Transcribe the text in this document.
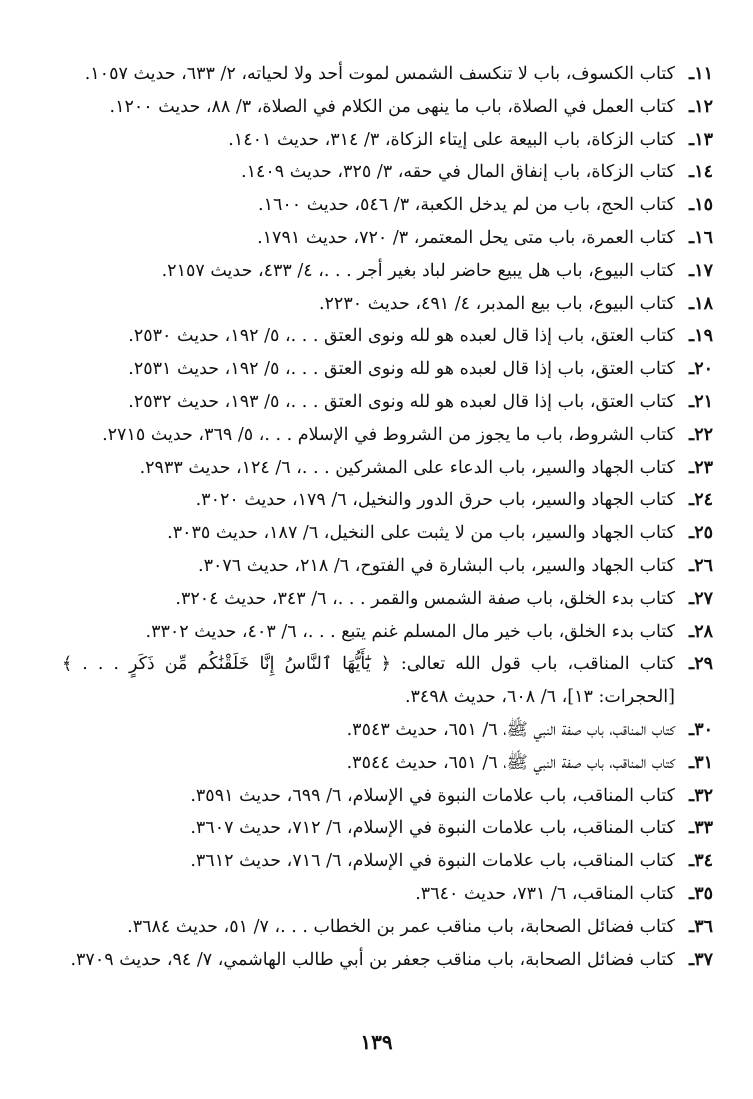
١١ـ
كتاب الكسوف، باب لا تنكسف الشمس لموت أحد ولا لحياته، ٢/ ٦٣٣، حديث ١٠٥٧.
١٢ـ
كتاب العمل في الصلاة، باب ما ينهى من الكلام في الصلاة، ٣/ ٨٨، حديث ١٢٠٠.
١٣ـ
كتاب الزكاة، باب البيعة على إيتاء الزكاة، ٣/ ٣١٤، حديث ١٤٠١.
١٤ـ
كتاب الزكاة، باب إنفاق المال في حقه، ٣/ ٣٢٥، حديث ١٤٠٩.
١٥ـ
كتاب الحج، باب من لم يدخل الكعبة، ٣/ ٥٤٦، حديث ١٦٠٠.
١٦ـ
كتاب العمرة، باب متى يحل المعتمر، ٣/ ٧٢٠، حديث ١٧٩١.
١٧ـ
كتاب البيوع، باب هل يبيع حاضر لباد بغير أجر . . .، ٤/ ٤٣٣، حديث ٢١٥٧.
١٨ـ
كتاب البيوع، باب بيع المدبر، ٤/ ٤٩١، حديث ٢٢٣٠.
١٩ـ
كتاب العتق، باب إذا قال لعبده هو لله ونوى العتق . . .، ٥/ ١٩٢، حديث ٢٥٣٠.
٢٠ـ
كتاب العتق، باب إذا قال لعبده هو لله ونوى العتق . . .، ٥/ ١٩٢، حديث ٢٥٣١.
٢١ـ
كتاب العتق، باب إذا قال لعبده هو لله ونوى العتق . . .، ٥/ ١٩٣، حديث ٢٥٣٢.
٢٢ـ
كتاب الشروط، باب ما يجوز من الشروط في الإسلام . . .، ٥/ ٣٦٩، حديث ٢٧١٥.
٢٣ـ
كتاب الجهاد والسير، باب الدعاء على المشركين . . .، ٦/ ١٢٤، حديث ٢٩٣٣.
٢٤ـ
كتاب الجهاد والسير، باب حرق الدور والنخيل، ٦/ ١٧٩، حديث ٣٠٢٠.
٢٥ـ
كتاب الجهاد والسير، باب من لا يثبت على النخيل، ٦/ ١٨٧، حديث ٣٠٣٥.
٢٦ـ
كتاب الجهاد والسير، باب البشارة في الفتوح، ٦/ ٢١٨، حديث ٣٠٧٦.
٢٧ـ
كتاب بدء الخلق، باب صفة الشمس والقمر . . .، ٦/ ٣٤٣، حديث ٣٢٠٤.
٢٨ـ
كتاب بدء الخلق، باب خير مال المسلم غنم يتبع . . .، ٦/ ٤٠٣، حديث ٣٣٠٢.
٢٩ـ
كتاب المناقب، باب قول الله تعالى: ﴿ يَٰٓأَيُّهَا ٱلنَّاسُ إِنَّا خَلَقْنَٰكُم مِّن ذَكَرٍ . . . ﴾ [الحجرات: ١٣]، ٦/ ٦٠٨، حديث ٣٤٩٨.
٣٠ـ
كتاب المناقب، باب صفة النبي ﷺ، ٦/ ٦٥١، حديث ٣٥٤٣.
٣١ـ
كتاب المناقب، باب صفة النبي ﷺ، ٦/ ٦٥١، حديث ٣٥٤٤.
٣٢ـ
كتاب المناقب، باب علامات النبوة في الإسلام، ٦/ ٦٩٩، حديث ٣٥٩١.
٣٣ـ
كتاب المناقب، باب علامات النبوة في الإسلام، ٦/ ٧١٢، حديث ٣٦٠٧.
٣٤ـ
كتاب المناقب، باب علامات النبوة في الإسلام، ٦/ ٧١٦، حديث ٣٦١٢.
٣٥ـ
كتاب المناقب، ٦/ ٧٣١، حديث ٣٦٤٠.
٣٦ـ
كتاب فضائل الصحابة، باب مناقب عمر بن الخطاب . . .، ٧/ ٥١، حديث ٣٦٨٤.
٣٧ـ
كتاب فضائل الصحابة، باب مناقب جعفر بن أبي طالب الهاشمي، ٧/ ٩٤، حديث ٣٧٠٩.
١٣٩
